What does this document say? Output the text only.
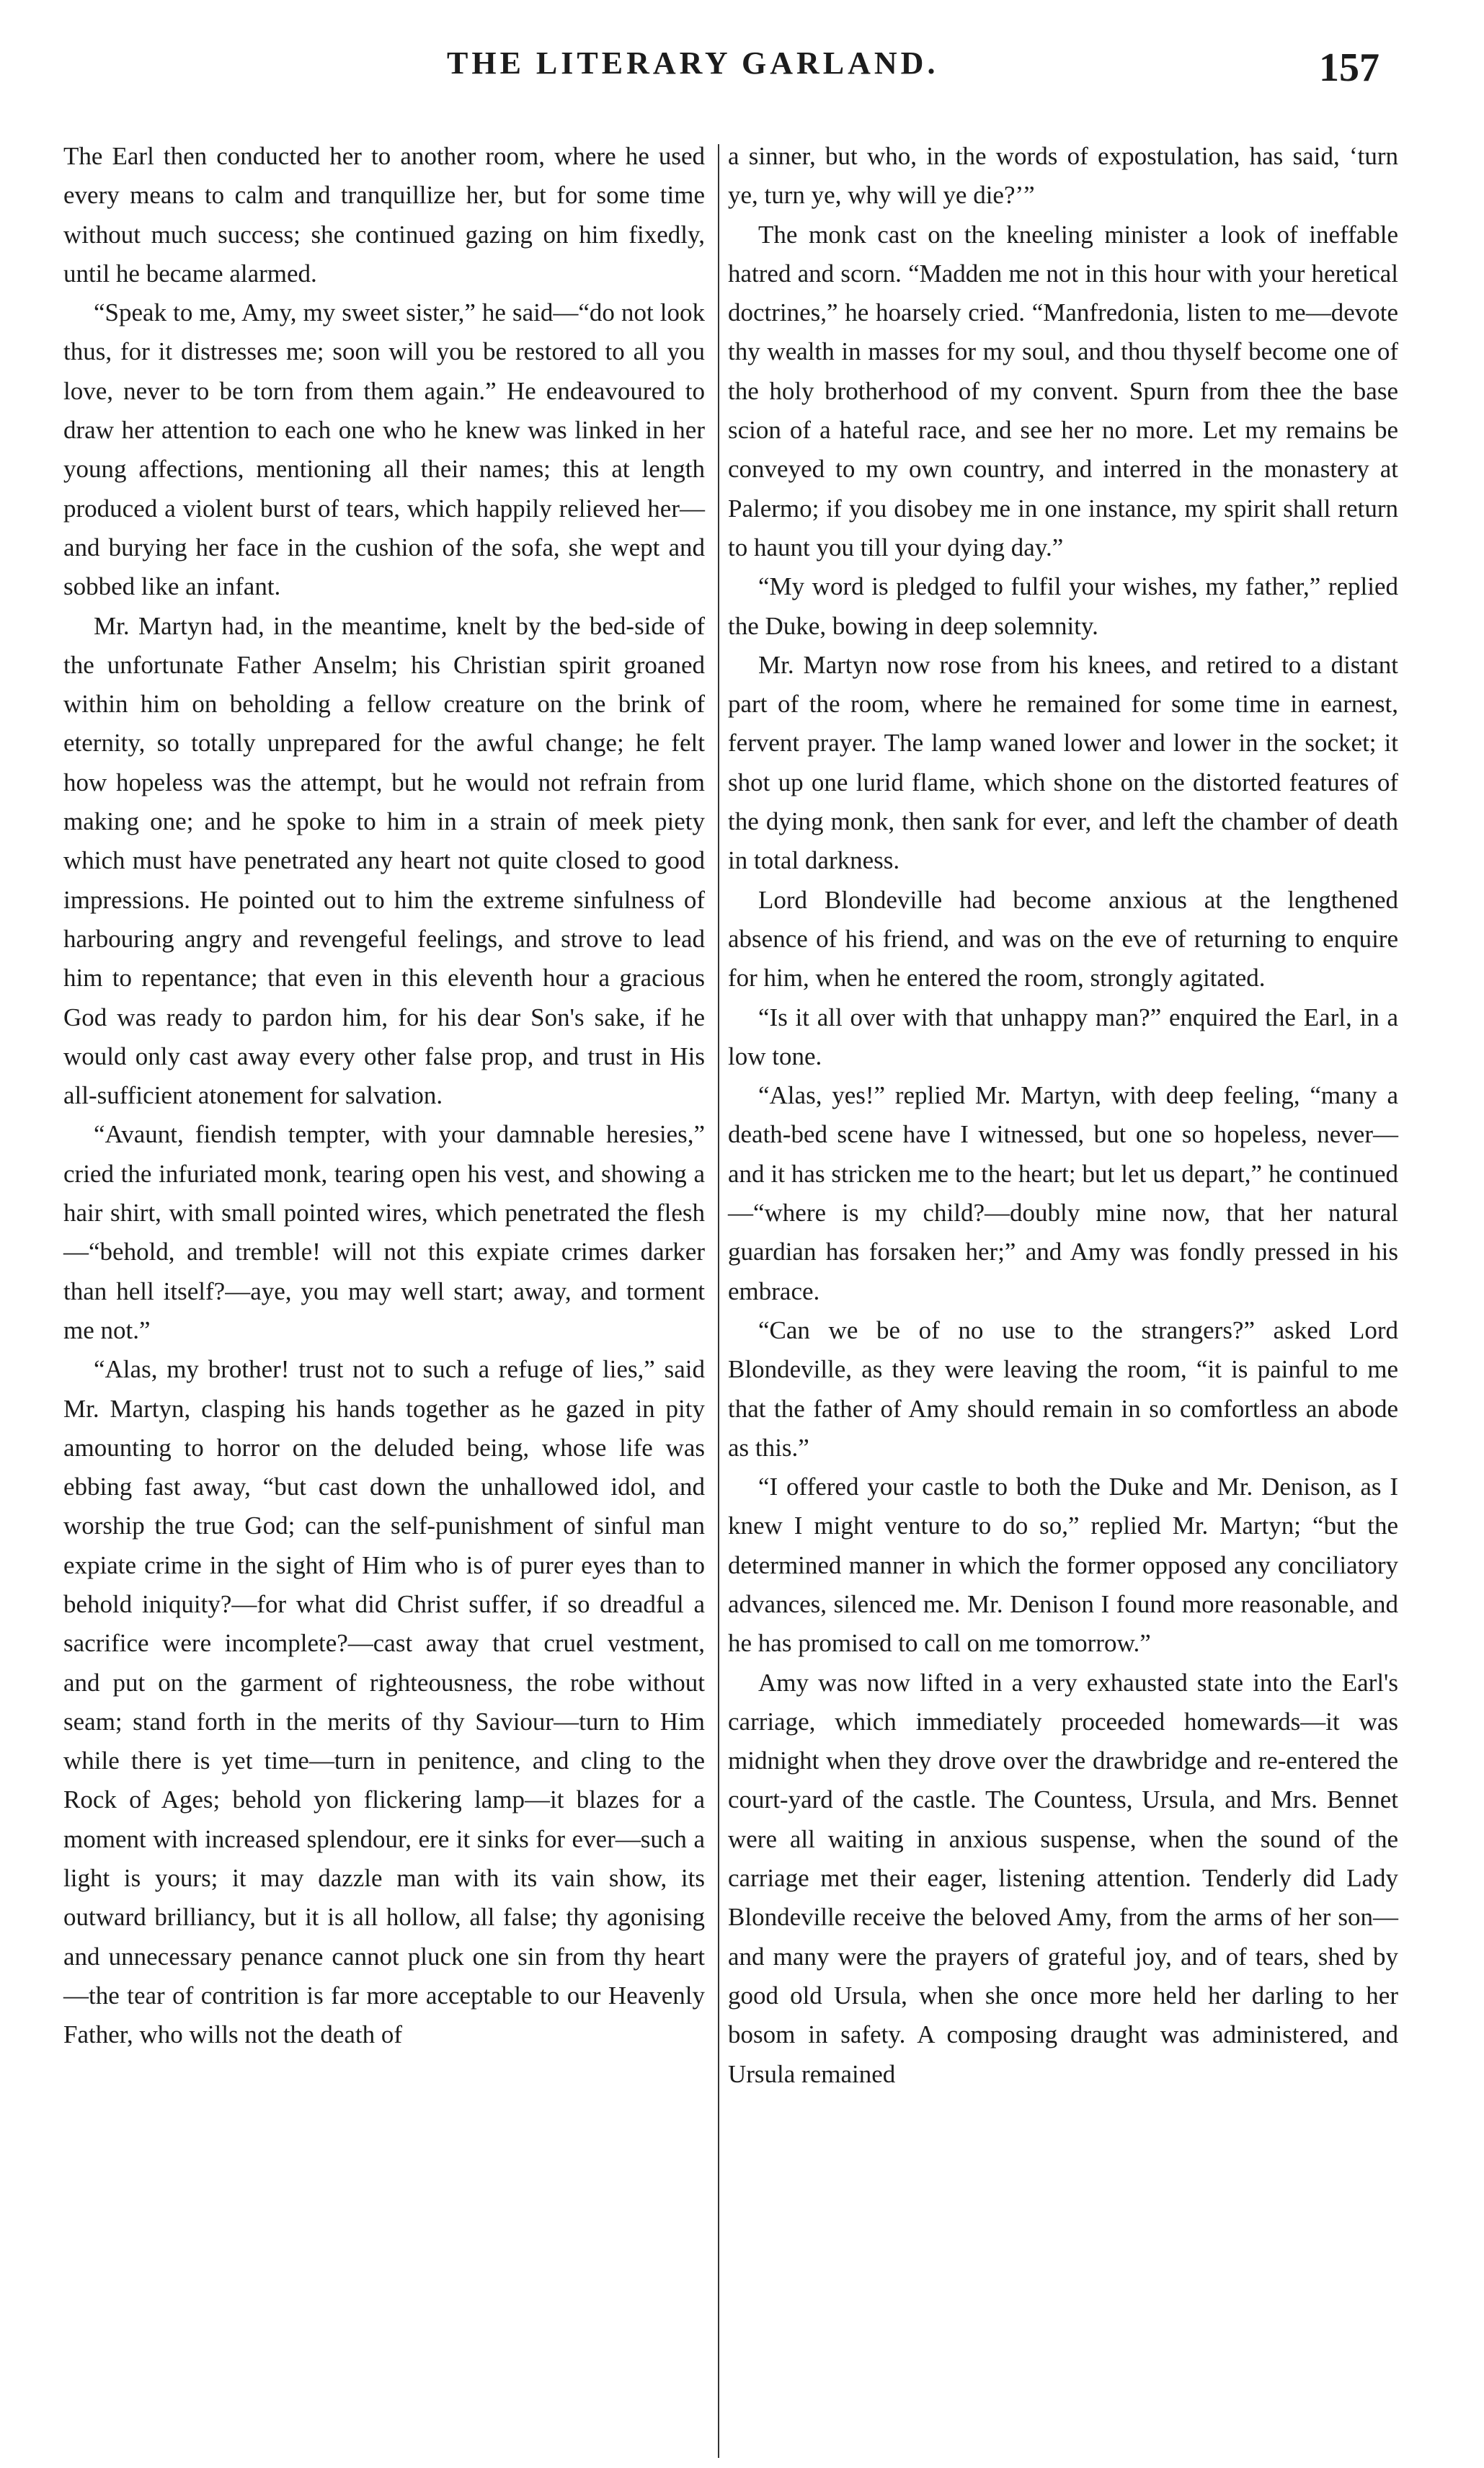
THE LITERARY GARLAND.	157

The Earl then conducted her to another room, where he used every means to calm and tranquillize her, but for some time without much success; she continued gazing on him fixedly, until he became alarmed.

“Speak to me, Amy, my sweet sister,” he said—“do not look thus, for it distresses me; soon will you be restored to all you love, never to be torn from them again.” He endeavoured to draw her attention to each one who he knew was linked in her young affections, mentioning all their names; this at length produced a violent burst of tears, which happily relieved her—and burying her face in the cushion of the sofa, she wept and sobbed like an infant.

Mr. Martyn had, in the meantime, knelt by the bed-side of the unfortunate Father Anselm; his Christian spirit groaned within him on beholding a fellow creature on the brink of eternity, so totally unprepared for the awful change; he felt how hopeless was the attempt, but he would not refrain from making one; and he spoke to him in a strain of meek piety which must have penetrated any heart not quite closed to good impressions. He pointed out to him the extreme sinfulness of harbouring angry and revengeful feelings, and strove to lead him to repentance; that even in this eleventh hour a gracious God was ready to pardon him, for his dear Son's sake, if he would only cast away every other false prop, and trust in His all-sufficient atonement for salvation.

“Avaunt, fiendish tempter, with your damnable heresies,” cried the infuriated monk, tearing open his vest, and showing a hair shirt, with small pointed wires, which penetrated the flesh—“behold, and tremble! will not this expiate crimes darker than hell itself?—aye, you may well start; away, and torment me not.”

“Alas, my brother! trust not to such a refuge of lies,” said Mr. Martyn, clasping his hands together as he gazed in pity amounting to horror on the deluded being, whose life was ebbing fast away, “but cast down the unhallowed idol, and worship the true God; can the self-punishment of sinful man expiate crime in the sight of Him who is of purer eyes than to behold iniquity?—for what did Christ suffer, if so dreadful a sacrifice were incomplete?—cast away that cruel vestment, and put on the garment of righteousness, the robe without seam; stand forth in the merits of thy Saviour—turn to Him while there is yet time—turn in penitence, and cling to the Rock of Ages; behold yon flickering lamp—it blazes for a moment with increased splendour, ere it sinks for ever—such a light is yours; it may dazzle man with its vain show, its outward brilliancy, but it is all hollow, all false; thy agonising and unnecessary penance cannot pluck one sin from thy heart—the tear of contrition is far more acceptable to our Heavenly Father, who wills not the death of

a sinner, but who, in the words of expostulation, has said, ‘turn ye, turn ye, why will ye die?’”

The monk cast on the kneeling minister a look of ineffable hatred and scorn. “Madden me not in this hour with your heretical doctrines,” he hoarsely cried. “Manfredonia, listen to me—devote thy wealth in masses for my soul, and thou thyself become one of the holy brotherhood of my convent. Spurn from thee the base scion of a hateful race, and see her no more. Let my remains be conveyed to my own country, and interred in the monastery at Palermo; if you disobey me in one instance, my spirit shall return to haunt you till your dying day.”

“My word is pledged to fulfil your wishes, my father,” replied the Duke, bowing in deep solemnity.

Mr. Martyn now rose from his knees, and retired to a distant part of the room, where he remained for some time in earnest, fervent prayer. The lamp waned lower and lower in the socket; it shot up one lurid flame, which shone on the distorted features of the dying monk, then sank for ever, and left the chamber of death in total darkness.

Lord Blondeville had become anxious at the lengthened absence of his friend, and was on the eve of returning to enquire for him, when he entered the room, strongly agitated.

“Is it all over with that unhappy man?” enquired the Earl, in a low tone.

“Alas, yes!” replied Mr. Martyn, with deep feeling, “many a death-bed scene have I witnessed, but one so hopeless, never—and it has stricken me to the heart; but let us depart,” he continued—“where is my child?—doubly mine now, that her natural guardian has forsaken her;” and Amy was fondly pressed in his embrace.

“Can we be of no use to the strangers?” asked Lord Blondeville, as they were leaving the room, “it is painful to me that the father of Amy should remain in so comfortless an abode as this.”

“I offered your castle to both the Duke and Mr. Denison, as I knew I might venture to do so,” replied Mr. Martyn; “but the determined manner in which the former opposed any conciliatory advances, silenced me. Mr. Denison I found more reasonable, and he has promised to call on me tomorrow.”

Amy was now lifted in a very exhausted state into the Earl's carriage, which immediately proceeded homewards—it was midnight when they drove over the drawbridge and re-entered the court-yard of the castle. The Countess, Ursula, and Mrs. Bennet were all waiting in anxious suspense, when the sound of the carriage met their eager, listening attention. Tenderly did Lady Blondeville receive the beloved Amy, from the arms of her son—and many were the prayers of grateful joy, and of tears, shed by good old Ursula, when she once more held her darling to her bosom in safety. A composing draught was administered, and Ursula remained
